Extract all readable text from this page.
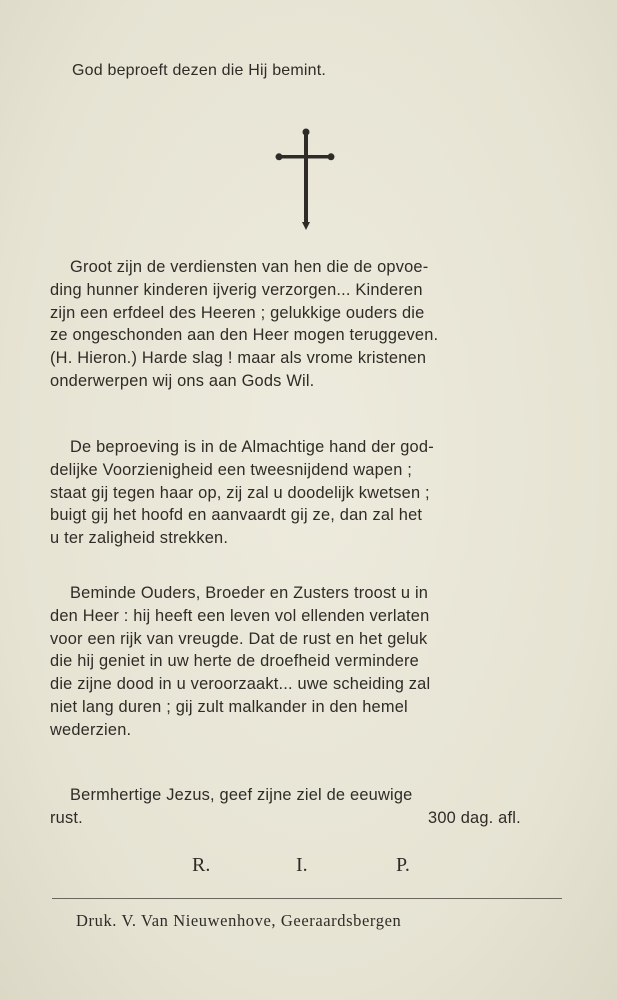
God beproeft dezen die Hij bemint.

Groot zijn de verdiensten van hen die de opvoe-
ding hunner kinderen ijverig verzorgen... Kinderen
zijn een erfdeel des Heeren ; gelukkige ouders die
ze ongeschonden aan den Heer mogen teruggeven.
(H. Hieron.) Harde slag ! maar als vrome kristenen
onderwerpen wij ons aan Gods Wil.
De beproeving is in de Almachtige hand der god-
delijke Voorzienigheid een tweesnijdend wapen ;
staat gij tegen haar op, zij zal u doodelijk kwetsen ;
buigt gij het hoofd en aanvaardt gij ze, dan zal het
u ter zaligheid strekken.
Beminde Ouders, Broeder en Zusters troost u in
den Heer : hij heeft een leven vol ellenden verlaten
voor een rijk van vreugde. Dat de rust en het geluk
die hij geniet in uw herte de droefheid vermindere
die zijne dood in u veroorzaakt... uwe scheiding zal
niet lang duren ; gij zult malkander in den hemel
wederzien.
Bermhertige Jezus, geef zijne ziel de eeuwige
rust.	300 dag. afl.
R.	I.	P.

Druk. V. Van Nieuwenhove, Geeraardsbergen
